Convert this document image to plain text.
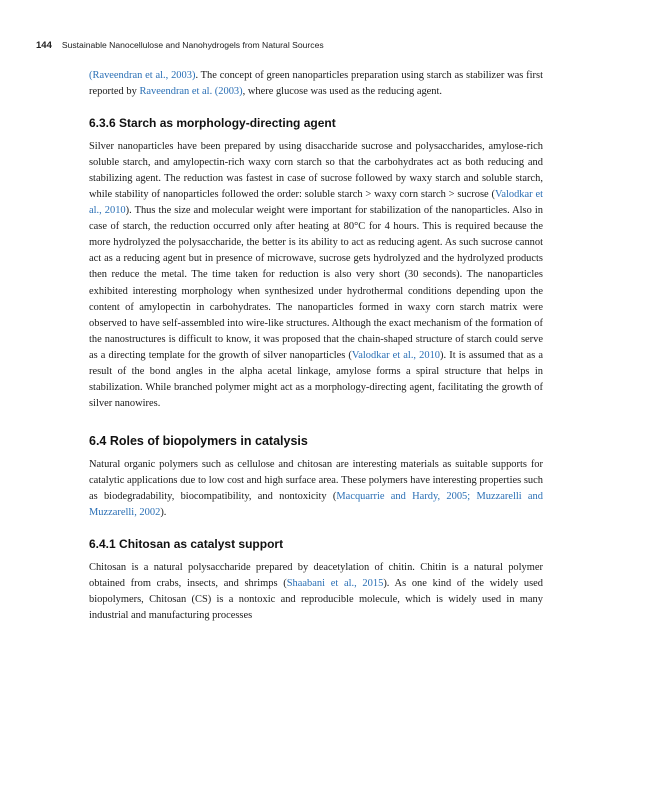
144 Sustainable Nanocellulose and Nanohydrogels from Natural Sources

(Raveendran et al., 2003). The concept of green nanoparticles preparation using starch as stabilizer was first reported by Raveendran et al. (2003), where glucose was used as the reducing agent.

6.3.6 Starch as morphology-directing agent

Silver nanoparticles have been prepared by using disaccharide sucrose and polysaccharides, amylose-rich soluble starch, and amylopectin-rich waxy corn starch so that the carbohydrates act as both reducing and stabilizing agent. The reduction was fastest in case of sucrose followed by waxy starch and soluble starch, while stability of nanoparticles followed the order: soluble starch > waxy corn starch > sucrose (Valodkar et al., 2010). Thus the size and molecular weight were important for stabilization of the nanoparticles. Also in case of starch, the reduction occurred only after heating at 80°C for 4 hours. This is required because the more hydrolyzed the polysaccharide, the better is its ability to act as reducing agent. As such sucrose cannot act as a reducing agent but in presence of microwave, sucrose gets hydrolyzed and the hydrolyzed products then reduce the metal. The time taken for reduction is also very short (30 seconds). The nanoparticles exhibited interesting morphology when synthesized under hydrothermal conditions depending upon the content of amylopectin in carbohydrates. The nanoparticles formed in waxy corn starch matrix were observed to have self-assembled into wire-like structures. Although the exact mechanism of the formation of the nanostructures is difficult to know, it was proposed that the chain-shaped structure of starch could serve as a directing template for the growth of silver nanoparticles (Valodkar et al., 2010). It is assumed that as a result of the bond angles in the alpha acetal linkage, amylose forms a spiral structure that helps in stabilization. While branched polymer might act as a morphology-directing agent, facilitating the growth of silver nanowires.

6.4 Roles of biopolymers in catalysis

Natural organic polymers such as cellulose and chitosan are interesting materials as suitable supports for catalytic applications due to low cost and high surface area. These polymers have interesting properties such as biodegradability, biocompatibility, and nontoxicity (Macquarrie and Hardy, 2005; Muzzarelli and Muzzarelli, 2002).

6.4.1 Chitosan as catalyst support

Chitosan is a natural polysaccharide prepared by deacetylation of chitin. Chitin is a natural polymer obtained from crabs, insects, and shrimps (Shaabani et al., 2015). As one kind of the widely used biopolymers, Chitosan (CS) is a nontoxic and reproducible molecule, which is widely used in many industrial and manufacturing processes
